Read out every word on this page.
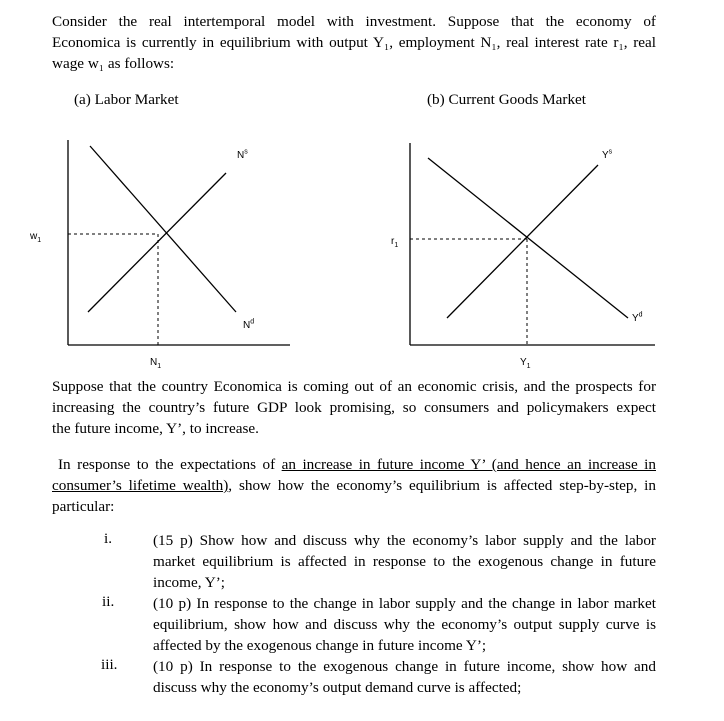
Consider the real intertemporal model with investment. Suppose that the economy of
Economica is currently in equilibrium with output Y₁, employment N₁, real interest rate r₁, real
wage w₁ as follows:
(a) Labor Market	(b) Current Goods Market
$N^s$
$N^d$
$w_1$
$N_1$
$Y^s$
$Y^d$
$r_1$
$Y_1$
Suppose that the country Economica is coming out of an economic crisis, and the prospects for
increasing the country’s future GDP look promising, so consumers and policymakers expect
the future income, Y’, to increase.
In response to the expectations of an increase in future income Y’ (and hence an increase in
consumer’s lifetime wealth), show how the economy’s equilibrium is affected step-by-step, in
particular:
i.	(15 p) Show how and discuss why the economy’s labor supply and the labor
market equilibrium is affected in response to the exogenous change in future
income, Y’;
ii.	(10 p) In response to the change in labor supply and the change in labor market
equilibrium, show how and discuss why the economy’s output supply curve is
affected by the exogenous change in future income Y’;
iii. (10 p) In response to the exogenous change in future income, show how and
discuss why the economy’s output demand curve is affected;
